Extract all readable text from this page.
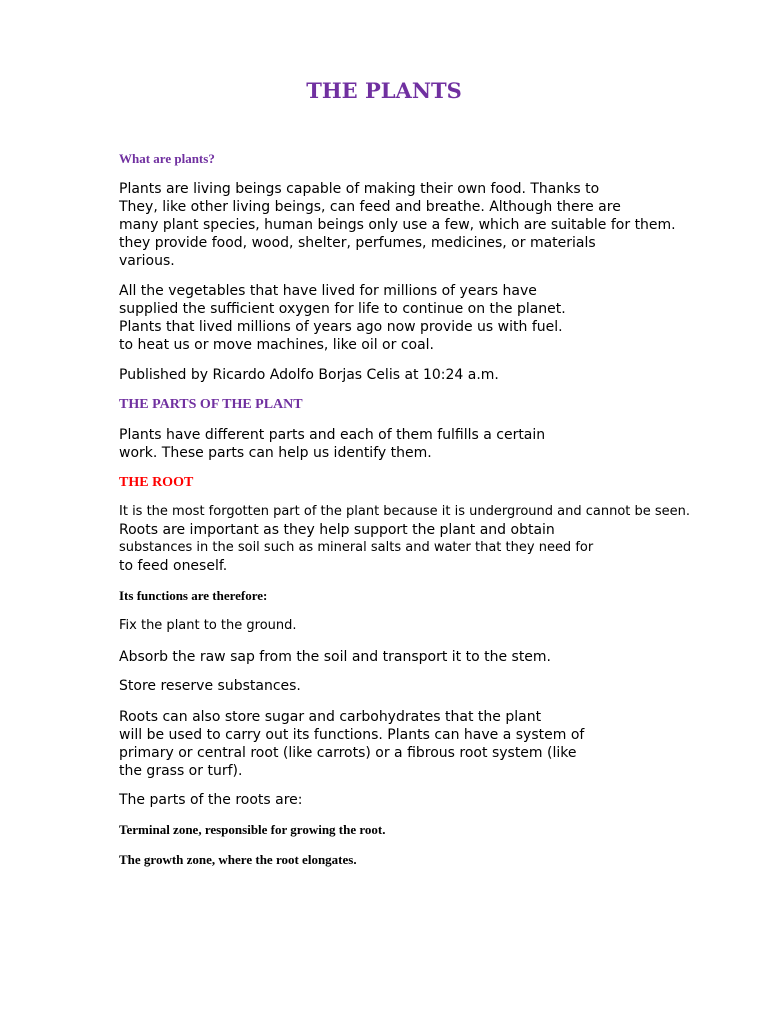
THE PLANTS

What are plants?

Plants are living beings capable of making their own food. Thanks to
They, like other living beings, can feed and breathe. Although there are
many plant species, human beings only use a few, which are suitable for them.
they provide food, wood, shelter, perfumes, medicines, or materials
various.

All the vegetables that have lived for millions of years have
supplied the sufficient oxygen for life to continue on the planet.
Plants that lived millions of years ago now provide us with fuel.
to heat us or move machines, like oil or coal.

Published by Ricardo Adolfo Borjas Celis at 10:24 a.m.

THE PARTS OF THE PLANT

Plants have different parts and each of them fulfills a certain
work. These parts can help us identify them.

THE ROOT

It is the most forgotten part of the plant because it is underground and cannot be seen.

Roots are important as they help support the plant and obtain
substances in the soil such as mineral salts and water that they need for
to feed oneself.

Its functions are therefore:

Fix the plant to the ground.

Absorb the raw sap from the soil and transport it to the stem.

Store reserve substances.

Roots can also store sugar and carbohydrates that the plant
will be used to carry out its functions. Plants can have a system of
primary or central root (like carrots) or a fibrous root system (like
the grass or turf).

The parts of the roots are:

Terminal zone, responsible for growing the root.

The growth zone, where the root elongates.
